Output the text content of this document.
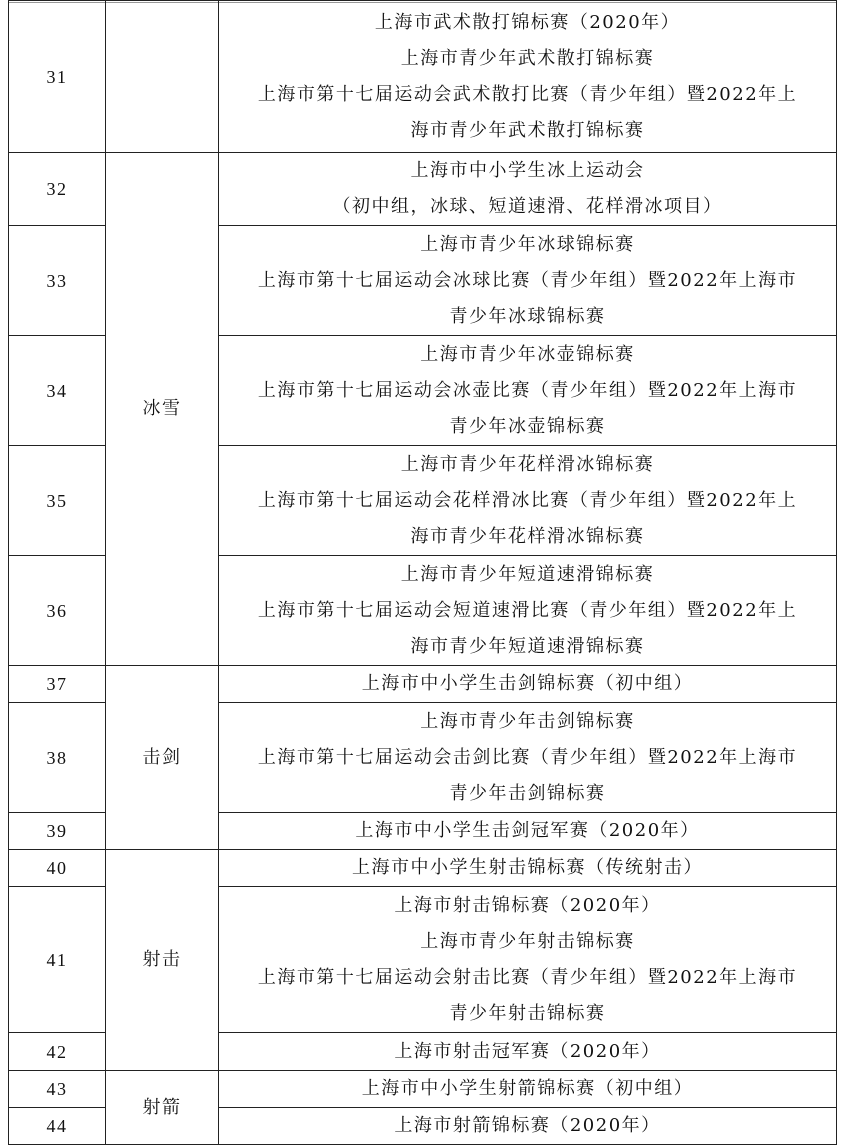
31		上海市武术散打锦标赛（2020年）
上海市青少年武术散打锦标赛
上海市第十七届运动会武术散打比赛（青少年组）暨2022年上
海市青少年武术散打锦标赛

32	冰雪	上海市中小学生冰上运动会
（初中组，冰球、短道速滑、花样滑冰项目）

33		上海市青少年冰球锦标赛
上海市第十七届运动会冰球比赛（青少年组）暨2022年上海市
青少年冰球锦标赛

34		上海市青少年冰壶锦标赛
上海市第十七届运动会冰壶比赛（青少年组）暨2022年上海市
青少年冰壶锦标赛

35		上海市青少年花样滑冰锦标赛
上海市第十七届运动会花样滑冰比赛（青少年组）暨2022年上
海市青少年花样滑冰锦标赛

36		上海市青少年短道速滑锦标赛
上海市第十七届运动会短道速滑比赛（青少年组）暨2022年上
海市青少年短道速滑锦标赛

37	击剑	上海市中小学生击剑锦标赛（初中组）

38		上海市青少年击剑锦标赛
上海市第十七届运动会击剑比赛（青少年组）暨2022年上海市
青少年击剑锦标赛

39		上海市中小学生击剑冠军赛（2020年）

40	射击	上海市中小学生射击锦标赛（传统射击）

41		上海市射击锦标赛（2020年）
上海市青少年射击锦标赛
上海市第十七届运动会射击比赛（青少年组）暨2022年上海市
青少年射击锦标赛

42		上海市射击冠军赛（2020年）

43	射箭	上海市中小学生射箭锦标赛（初中组）

44		上海市射箭锦标赛（2020年）
